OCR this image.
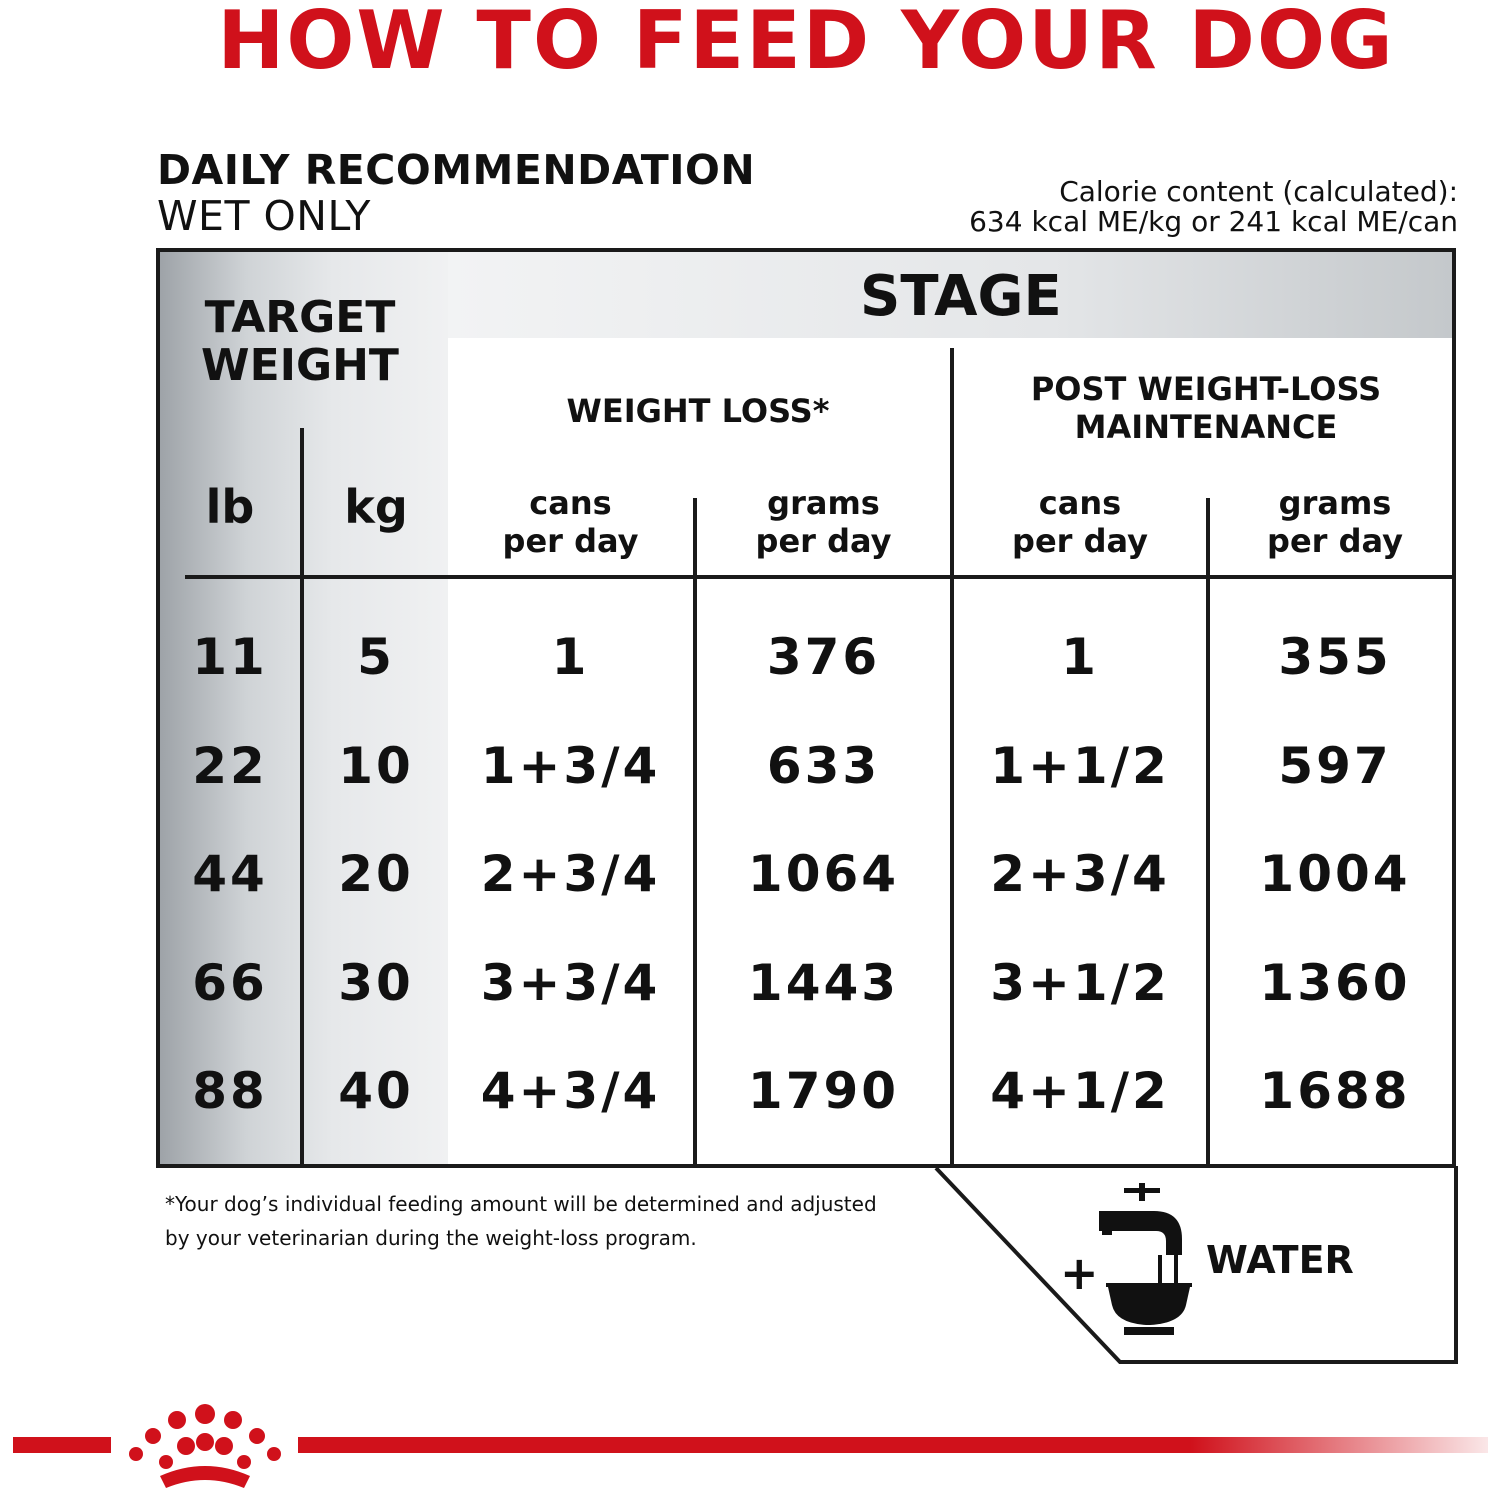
HOW TO FEED YOUR DOG
DAILY RECOMMENDATION
WET ONLY
Calorie content (calculated):
634 kcal ME/kg or 241 kcal ME/can
STAGE
TARGET
WEIGHT
WEIGHT LOSS*
POST WEIGHT-LOSS
MAINTENANCE
lb	kg	cans
per day
grams
per day
cans
per day
grams
per day
11	5	1	376	1	355
22	10	1+3/4	633	1+1/2	597
44	20	2+3/4	1064	2+3/4	1004
66	30	3+3/4	1443	3+1/2	1360
88	40	4+3/4	1790	4+1/2	1688
*Your dog’s individual feeding amount will be determined and adjusted
by your veterinarian during the weight-loss program.
+	WATER
